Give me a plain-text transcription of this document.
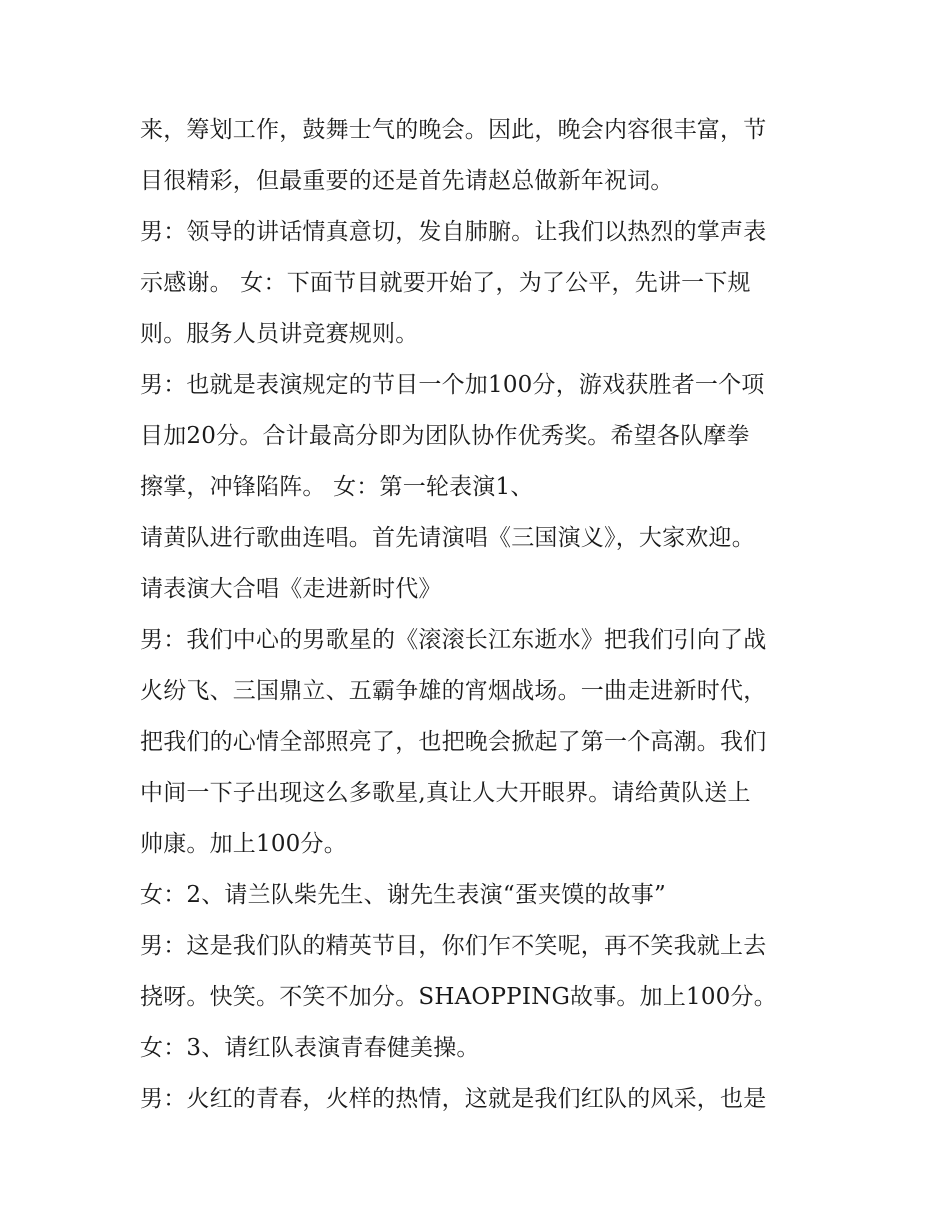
来，筹划工作，鼓舞士气的晚会。因此，晚会内容很丰富，节
目很精彩，但最重要的还是首先请赵总做新年祝词。
男：领导的讲话情真意切，发自肺腑。让我们以热烈的掌声表
示感谢。 女：下面节目就要开始了，为了公平，先讲一下规
则。服务人员讲竞赛规则。
男：也就是表演规定的节目一个加100分，游戏获胜者一个项
目加20分。合计最高分即为团队协作优秀奖。希望各队摩拳
擦掌，冲锋陷阵。 女：第一轮表演1、
请黄队进行歌曲连唱。首先请演唱《三国演义》，大家欢迎。
请表演大合唱《走进新时代》
男：我们中心的男歌星的《滚滚长江东逝水》把我们引向了战
火纷飞、三国鼎立、五霸争雄的宵烟战场。一曲走进新时代，
把我们的心情全部照亮了，也把晚会掀起了第一个高潮。我们
中间一下子出现这么多歌星,真让人大开眼界。请给黄队送上
帅康。加上100分。
女：2、请兰队柴先生、谢先生表演“蛋夹馍的故事”
男：这是我们队的精英节目，你们乍不笑呢，再不笑我就上去
挠呀。快笑。不笑不加分。SHAOPPING故事。加上100分。
女：3、请红队表演青春健美操。
男：火红的青春，火样的热情，这就是我们红队的风采，也是
